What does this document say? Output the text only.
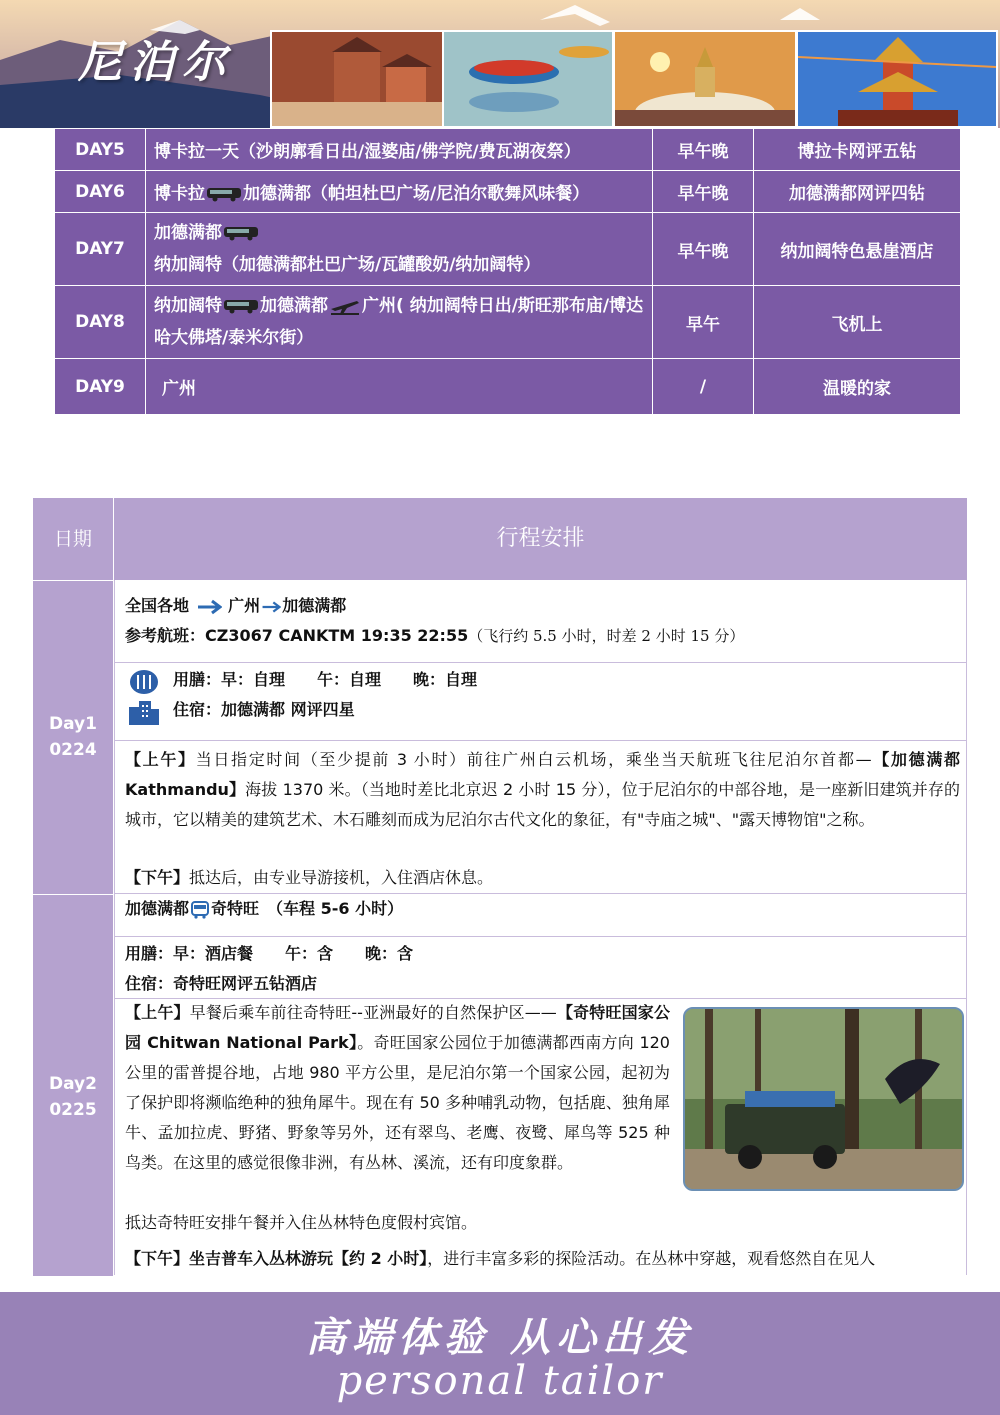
尼泊尔
DAY5	博卡拉一天（沙朗廓看日出/湿婆庙/佛学院/费瓦湖夜祭）	早午晚	博拉卡网评五钻
DAY6	博卡拉 加德满都（帕坦杜巴广场/尼泊尔歌舞风味餐）	早午晚	加德满都网评四钻
DAY7	加德满都纳加阔特（加德满都杜巴广场/瓦罐酸奶/纳加阔特）	早午晚	纳加阔特色悬崖酒店
DAY8	纳加阔特 加德满都 广州( 纳加阔特日出/斯旺那布庙/博达哈大佛塔/泰米尔街）	早午	飞机上
DAY9	广州	/	温暖的家
日期	行程安排
Day1
0224
全国各地 广州 加德满都
参考航班：CZ3067 CANKTM 19:35 22:55（飞行约 5.5 小时，时差 2 小时 15 分）
用膳：早：自理　　午：自理　　晚：自理
住宿：加德满都 网评四星
【上午】当日指定时间（至少提前 3 小时）前往广州白云机场，乘坐当天航班飞往尼泊尔首都—【加德满都 Kathmandu】海拔 1370 米。（当地时差比北京迟 2 小时 15 分），位于尼泊尔的中部谷地，是一座新旧建筑并存的城市，它以精美的建筑艺术、木石雕刻而成为尼泊尔古代文化的象征，有"寺庙之城"、"露天博物馆"之称。
【下午】抵达后，由专业导游接机，入住酒店休息。
Day2
0225
加德满都 奇特旺　（车程 5-6 小时）
用膳：早：酒店餐　　午：含　　晚：含
住宿：奇特旺网评五钻酒店
【上午】早餐后乘车前往奇特旺--亚洲最好的自然保护区——【奇特旺国家公园 Chitwan National Park】。奇旺国家公园位于加德满都西南方向 120 公里的雷普提谷地，占地 980 平方公里，是尼泊尔第一个国家公园，起初为了保护即将濒临绝种的独角犀牛。现在有 50 多种哺乳动物，包括鹿、独角犀牛、孟加拉虎、野猪、野象等另外，还有翠鸟、老鹰、夜鹭、犀鸟等 525 种鸟类。在这里的感觉很像非洲，有丛林、溪流，还有印度象群。
抵达奇特旺安排午餐并入住丛林特色度假村宾馆。
【下午】坐吉普车入丛林游玩【约 2 小时】，进行丰富多彩的探险活动。在丛林中穿越，观看悠然自在见人
高端体验 从心出发
personal tailor
